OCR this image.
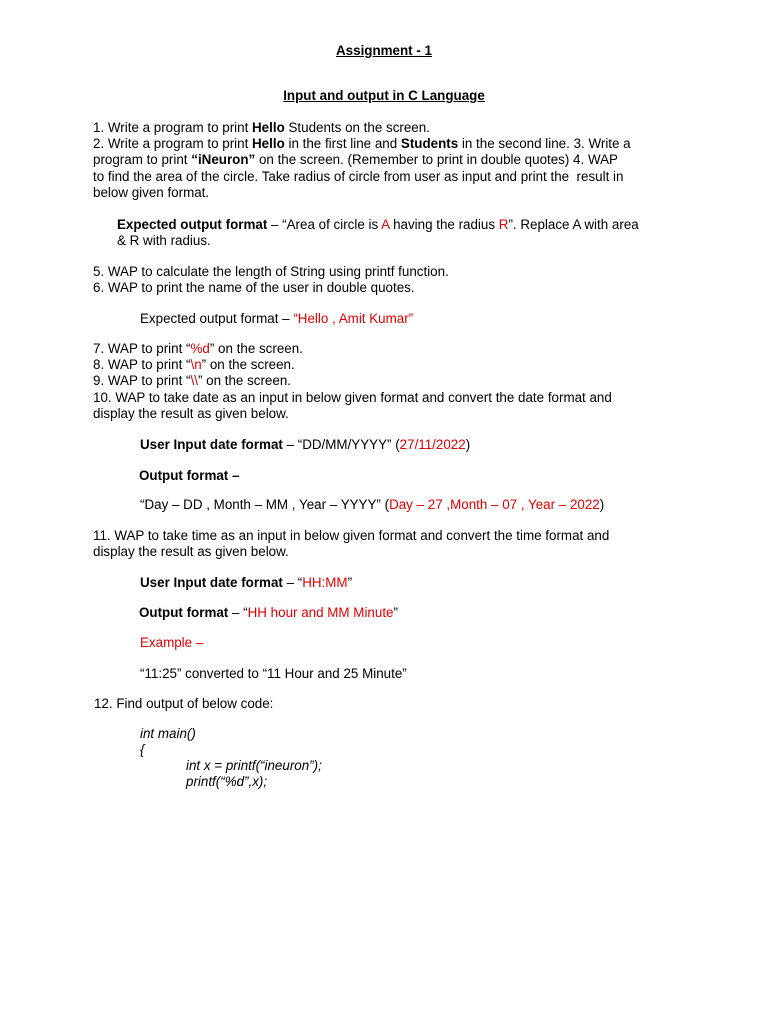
Assignment - 1
Input and output in C Language
1. Write a program to print Hello Students on the screen.
2. Write a program to print Hello in the first line and Students in the second line. 3. Write a
program to print “iNeuron” on the screen. (Remember to print in double quotes) 4. WAP
to find the area of the circle. Take radius of circle from user as input and print the  result in
below given format.
Expected output format – “Area of circle is A having the radius R”. Replace A with area
& R with radius.
5. WAP to calculate the length of String using printf function.
6. WAP to print the name of the user in double quotes.
Expected output format – “Hello , Amit Kumar”
7. WAP to print “%d” on the screen.
8. WAP to print “\n” on the screen.
9. WAP to print “\\” on the screen.
10. WAP to take date as an input in below given format and convert the date format and
display the result as given below.
User Input date format – “DD/MM/YYYY” (27/11/2022)
Output format –
“Day – DD , Month – MM , Year – YYYY” (Day – 27 ,Month – 07 , Year – 2022)
11. WAP to take time as an input in below given format and convert the time format and
display the result as given below.
User Input date format – “HH:MM”
Output format – “HH hour and MM Minute”
Example –
“11:25” converted to “11 Hour and 25 Minute”
12. Find output of below code:
int main()
{
int x = printf(“ineuron”);
printf(“%d”,x);
